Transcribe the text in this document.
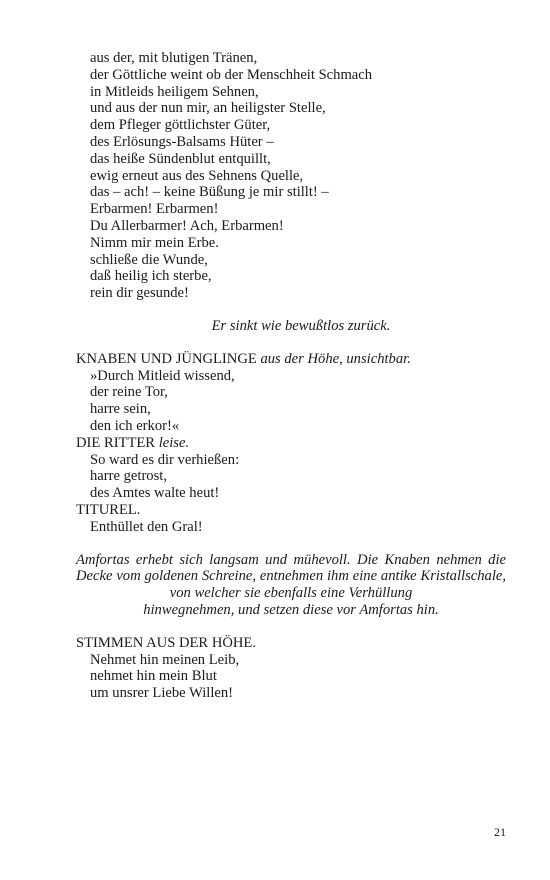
aus der, mit blutigen Tränen,
der Göttliche weint ob der Menschheit Schmach
in Mitleids heiligem Sehnen,
und aus der nun mir, an heiligster Stelle,
dem Pfleger göttlichster Güter,
des Erlösungs-Balsams Hüter –
das heiße Sündenblut entquillt,
ewig erneut aus des Sehnens Quelle,
das – ach! – keine Büßung je mir stillt! –
Erbarmen! Erbarmen!
Du Allerbarmer! Ach, Erbarmen!
Nimm mir mein Erbe.
schließe die Wunde,
daß heilig ich sterbe,
rein dir gesunde!
Er sinkt wie bewußtlos zurück.
KNABEN UND JÜNGLINGE aus der Höhe, unsichtbar.
»Durch Mitleid wissend,
der reine Tor,
harre sein,
den ich erkor!«
DIE RITTER leise.
So ward es dir verhießen:
harre getrost,
des Amtes walte heut!
TITUREL.
Enthüllet den Gral!
Amfortas erhebt sich langsam und mühevoll. Die Knaben nehmen die
Decke vom goldenen Schreine, entnehmen ihm eine antike Kristallschale,
von welcher sie ebenfalls eine Verhüllung
hinwegnehmen, und setzen diese vor Amfortas hin.
STIMMEN AUS DER HÖHE.
Nehmet hin meinen Leib,
nehmet hin mein Blut
um unsrer Liebe Willen!
21
